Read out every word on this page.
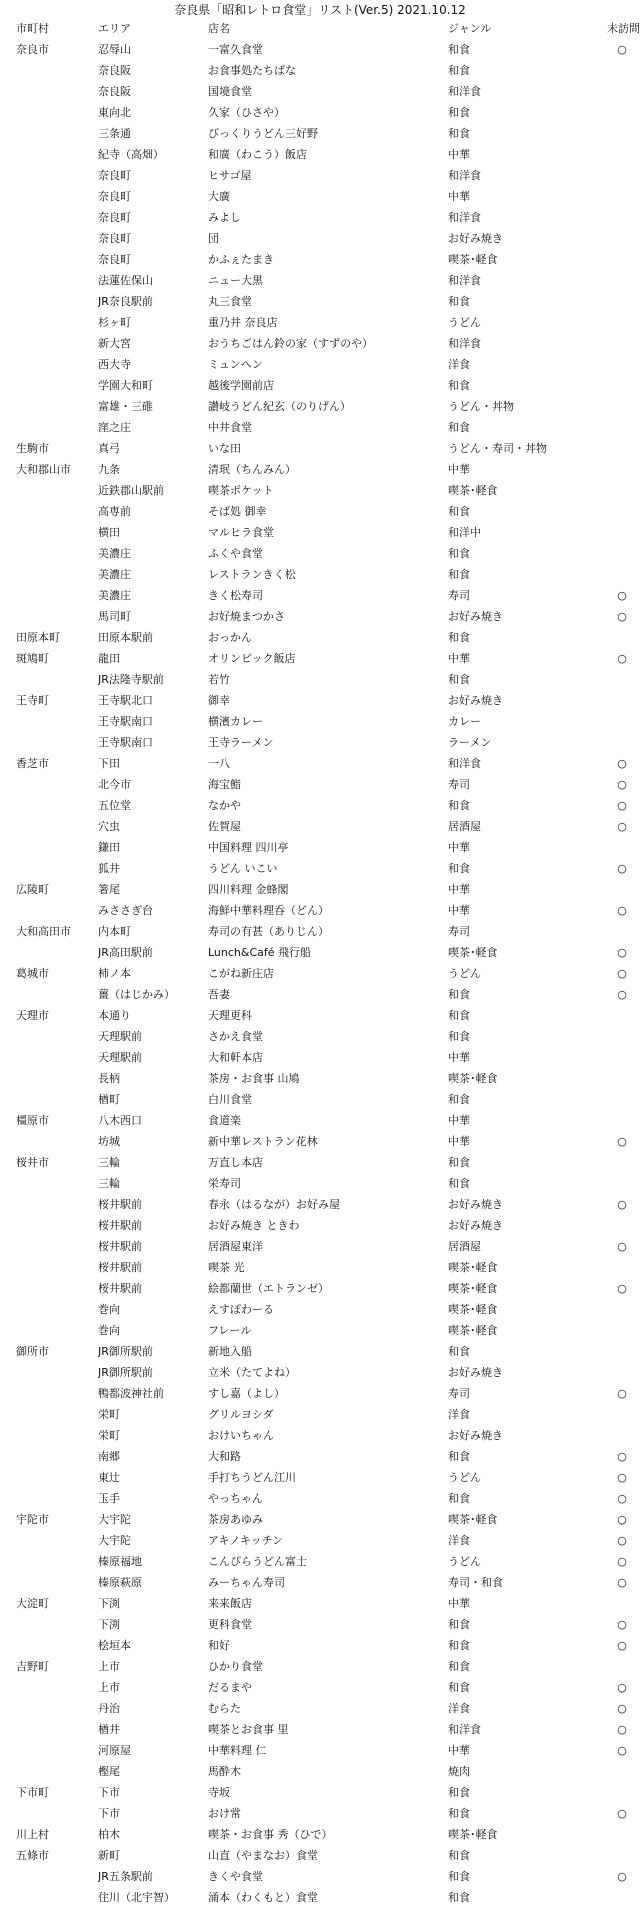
奈良県「昭和レトロ食堂」リスト(Ver.5) 2021.10.12
市町村	エリア	店名	ジャンル	未訪問
奈良市	忍辱山	一富久食堂	和食	○
	奈良阪	お食事処たちばな	和食	
	奈良阪	国境食堂	和洋食	
	東向北	久家（ひさや）	和食	
	三条通	びっくりうどん三好野	和食	
	紀寺（高畑）	和廣（わこう）飯店	中華	
	奈良町	ヒサゴ屋	和洋食	
	奈良町	大廣	中華	
	奈良町	みよし	和洋食	
	奈良町	団	お好み焼き	
	奈良町	かふぇたまき	喫茶･軽食	
	法蓮佐保山	ニュー大黒	和洋食	
	JR奈良駅前	丸三食堂	和食	
	杉ヶ町	重乃井 奈良店	うどん	
	新大宮	おうちごはん鈴の家（すずのや）	和洋食	
	西大寺	ミュンヘン	洋食	
	学園大和町	越後学園前店	和食	
	富雄・三碓	讃岐うどん紀玄（のりげん）	うどん・丼物	
	窪之庄	中井食堂	和食	
生駒市	真弓	いな田	うどん・寿司・丼物	
大和郡山市	九条	清珉（ちんみん）	中華	
	近鉄郡山駅前	喫茶ポケット	喫茶･軽食	
	高専前	そば処 御幸	和食	
	横田	マルヒラ食堂	和洋中	
	美濃庄	ふくや食堂	和食	
	美濃庄	レストランきく松	和食	
	美濃庄	きく松寿司	寿司	○
	馬司町	お好焼まつかさ	お好み焼き	○
田原本町	田原本駅前	おっかん	和食	
斑鳩町	龍田	オリンピック飯店	中華	○
	JR法隆寺駅前	若竹	和食	
王寺町	王寺駅北口	御幸	お好み焼き	
	王寺駅南口	横濱カレー	カレー	
	王寺駅南口	王寺ラーメン	ラーメン	
香芝市	下田	一八	和洋食	○
	北今市	海宝鮨	寿司	○
	五位堂	なかや	和食	○
	穴虫	佐賀屋	居酒屋	○
	鎌田	中国料理 四川亭	中華	
	狐井	うどん いこい	和食	○
広陵町	箸尾	四川料理 金蜂閣	中華	
	みささぎ台	海鮮中華料理呑（どん）	中華	○
大和高田市	内本町	寿司の有甚（ありじん）	寿司	
	JR高田駅前	Lunch&Café 飛行船	喫茶･軽食	○
葛城市	柿ノ本	こがね新庄店	うどん	○
	薑（はじかみ）	吾妻	和食	○
天理市	本通り	天理更科	和食	
	天理駅前	さかえ食堂	和食	
	天理駅前	大和軒本店	中華	
	長柄	茶房・お食事 山鳩	喫茶･軽食	
	楢町	白川食堂	和食	
橿原市	八木西口	食道楽	中華	
	坊城	新中華レストラン花林	中華	○
桜井市	三輪	万直し本店	和食	
	三輪	栄寿司	和食	
	桜井駅前	春永（はるなが）お好み屋	お好み焼き	○
	桜井駅前	お好み焼き ときわ	お好み焼き	
	桜井駅前	居酒屋東洋	居酒屋	○
	桜井駅前	喫茶 光	喫茶･軽食	
	桜井駅前	絵都蘭世（エトランゼ）	喫茶･軽食	○
	巻向	えすぽわーる	喫茶･軽食	
	巻向	フレール	喫茶･軽食	
御所市	JR御所駅前	新地入船	和食	
	JR御所駅前	立米（たてよね）	お好み焼き	
	鴨都波神社前	すし嘉（よし）	寿司	○
	栄町	グリルヨシダ	洋食	
	栄町	おけいちゃん	お好み焼き	
	南郷	大和路	和食	○
	東辻	手打ちうどん江川	うどん	○
	玉手	やっちゃん	和食	○
宇陀市	大宇陀	茶房あゆみ	喫茶･軽食	○
	大宇陀	アキノキッチン	洋食	○
	榛原福地	こんぴらうどん富士	うどん	○
	榛原萩原	みーちゃん寿司	寿司・和食	○
大淀町	下渕	来来飯店	中華	
	下渕	更科食堂	和食	○
	桧垣本	和好	和食	○
吉野町	上市	ひかり食堂	和食	
	上市	だるまや	和食	○
	丹治	むらた	洋食	○
	楢井	喫茶とお食事 里	和洋食	○
	河原屋	中華料理 仁	中華	○
	樫尾	馬酔木	焼肉	
下市町	下市	寺坂	和食	
	下市	おけ常	和食	○
川上村	柏木	喫茶・お食事 秀（ひで）	喫茶･軽食	
五條市	新町	山直（やまなお）食堂	和食	
	JR五条駅前	きくや食堂	和食	○
	住川（北宇智）	涌本（わくもと）食堂	和食	
